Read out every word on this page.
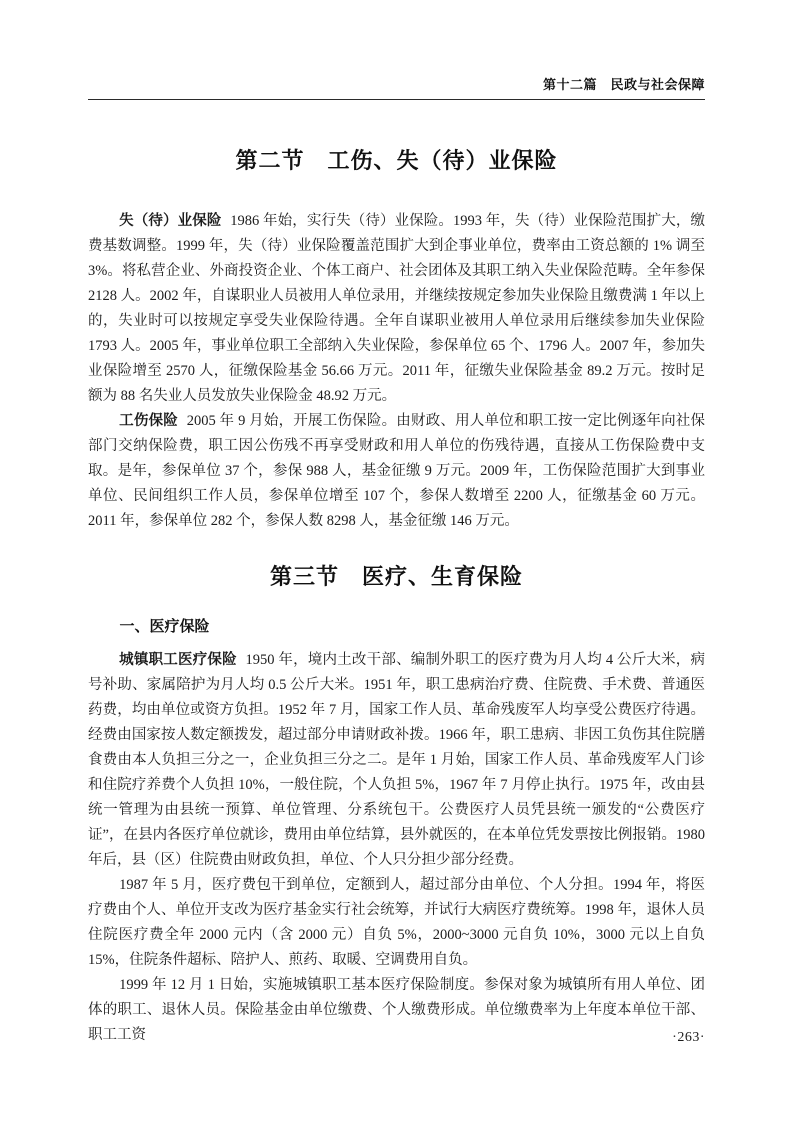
第十二篇　民政与社会保障
第二节　工伤、失（待）业保险

失（待）业保险 1986 年始，实行失（待）业保险。1993 年，失（待）业保险范围扩大，缴费基数调整。1999 年，失（待）业保险覆盖范围扩大到企事业单位，费率由工资总额的 1% 调至 3%。将私营企业、外商投资企业、个体工商户、社会团体及其职工纳入失业保险范畴。全年参保 2128 人。2002 年，自谋职业人员被用人单位录用，并继续按规定参加失业保险且缴费满 1 年以上的，失业时可以按规定享受失业保险待遇。全年自谋职业被用人单位录用后继续参加失业保险 1793 人。2005 年，事业单位职工全部纳入失业保险，参保单位 65 个、1796 人。2007 年，参加失业保险增至 2570 人，征缴保险基金 56.66 万元。2011 年，征缴失业保险基金 89.2 万元。按时足额为 88 名失业人员发放失业保险金 48.92 万元。

工伤保险 2005 年 9 月始，开展工伤保险。由财政、用人单位和职工按一定比例逐年向社保部门交纳保险费，职工因公伤残不再享受财政和用人单位的伤残待遇，直接从工伤保险费中支取。是年，参保单位 37 个，参保 988 人，基金征缴 9 万元。2009 年，工伤保险范围扩大到事业单位、民间组织工作人员，参保单位增至 107 个，参保人数增至 2200 人，征缴基金 60 万元。2011 年，参保单位 282 个，参保人数 8298 人，基金征缴 146 万元。

第三节　医疗、生育保险
一、医疗保险

城镇职工医疗保险 1950 年，境内土改干部、编制外职工的医疗费为月人均 4 公斤大米，病号补助、家属陪护为月人均 0.5 公斤大米。1951 年，职工患病治疗费、住院费、手术费、普通医药费，均由单位或资方负担。1952 年 7 月，国家工作人员、革命残废军人均享受公费医疗待遇。经费由国家按人数定额拨发，超过部分申请财政补拨。1966 年，职工患病、非因工负伤其住院膳食费由本人负担三分之一，企业负担三分之二。是年 1 月始，国家工作人员、革命残废军人门诊和住院疗养费个人负担 10%，一般住院，个人负担 5%，1967 年 7 月停止执行。1975 年，改由县统一管理为由县统一预算、单位管理、分系统包干。公费医疗人员凭县统一颁发的“公费医疗证”，在县内各医疗单位就诊，费用由单位结算，县外就医的，在本单位凭发票按比例报销。1980 年后，县（区）住院费由财政负担，单位、个人只分担少部分经费。

1987 年 5 月，医疗费包干到单位，定额到人，超过部分由单位、个人分担。1994 年，将医疗费由个人、单位开支改为医疗基金实行社会统筹，并试行大病医疗费统筹。1998 年，退休人员住院医疗费全年 2000 元内（含 2000 元）自负 5%，2000~3000 元自负 10%，3000 元以上自负 15%，住院条件超标、陪护人、煎药、取暖、空调费用自负。

1999 年 12 月 1 日始，实施城镇职工基本医疗保险制度。参保对象为城镇所有用人单位、团体的职工、退休人员。保险基金由单位缴费、个人缴费形成。单位缴费率为上年度本单位干部、职工工资	·263·
